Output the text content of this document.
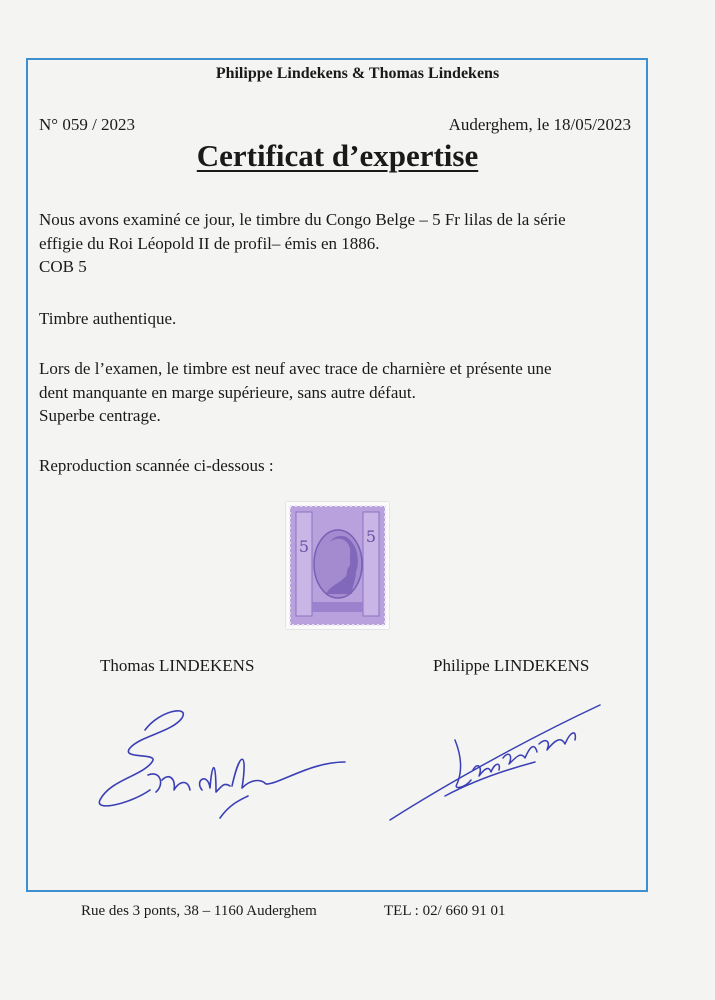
Philippe Lindekens & Thomas Lindekens
N° 059 / 2023	Auderghem, le 18/05/2023
Certificat d’expertise
Nous avons examiné ce jour, le timbre du Congo Belge – 5 Fr lilas de la série
effigie du Roi Léopold II de profil– émis en 1886.
COB 5
Timbre authentique.
Lors de l’examen, le timbre est neuf avec trace de charnière et présente une
dent manquante en marge supérieure, sans autre défaut.
Superbe centrage.
Reproduction scannée ci-dessous :
5
5
Thomas LINDEKENS	Philippe LINDEKENS
Rue des 3 ponts, 38 – 1160 Auderghem	TEL : 02/ 660 91 01
